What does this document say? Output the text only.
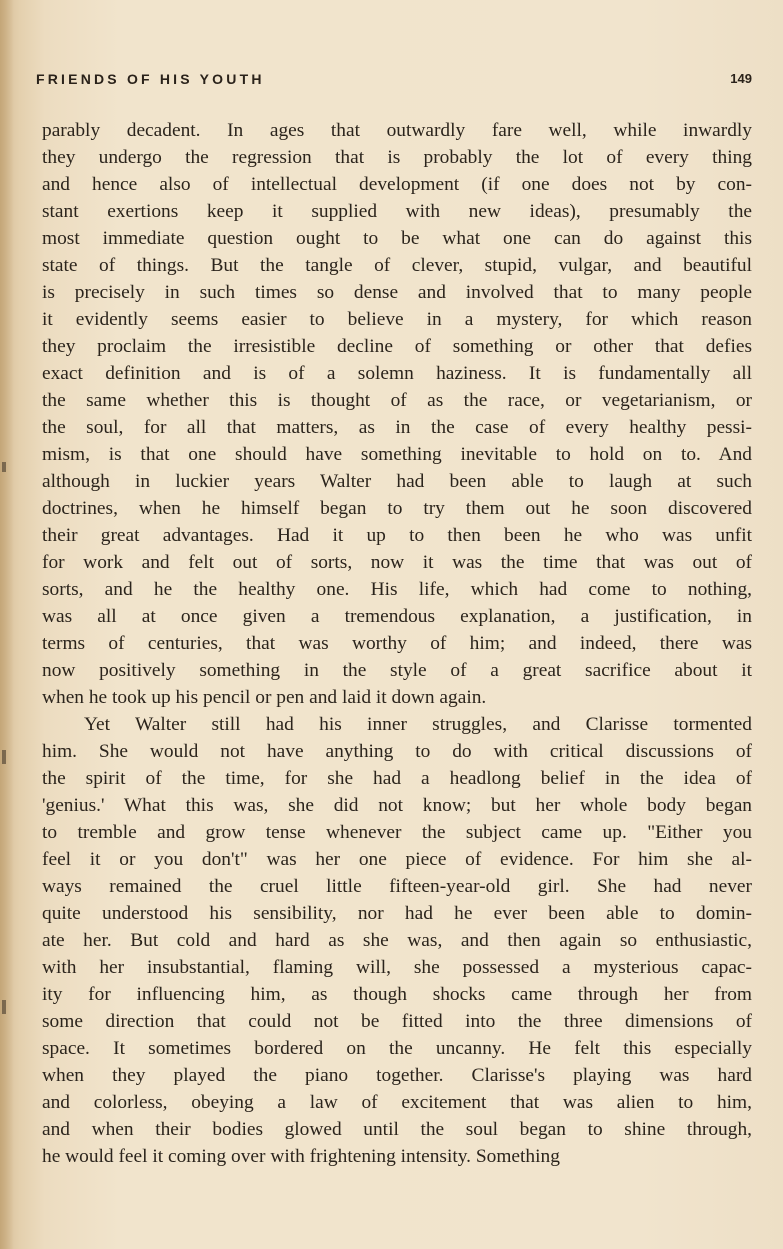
FRIENDS OF HIS YOUTH	149
parably decadent. In ages that outwardly fare well, while inwardly
they undergo the regression that is probably the lot of every thing
and hence also of intellectual development (if one does not by con-
stant exertions keep it supplied with new ideas), presumably the
most immediate question ought to be what one can do against this
state of things. But the tangle of clever, stupid, vulgar, and beautiful
is precisely in such times so dense and involved that to many people
it evidently seems easier to believe in a mystery, for which reason
they proclaim the irresistible decline of something or other that defies
exact definition and is of a solemn haziness. It is fundamentally all
the same whether this is thought of as the race, or vegetarianism, or
the soul, for all that matters, as in the case of every healthy pessi-
mism, is that one should have something inevitable to hold on to. And
although in luckier years Walter had been able to laugh at such
doctrines, when he himself began to try them out he soon discovered
their great advantages. Had it up to then been he who was unfit
for work and felt out of sorts, now it was the time that was out of
sorts, and he the healthy one. His life, which had come to nothing,
was all at once given a tremendous explanation, a justification, in
terms of centuries, that was worthy of him; and indeed, there was
now positively something in the style of a great sacrifice about it
when he took up his pencil or pen and laid it down again.
Yet Walter still had his inner struggles, and Clarisse tormented
him. She would not have anything to do with critical discussions of
the spirit of the time, for she had a headlong belief in the idea of
'genius.' What this was, she did not know; but her whole body began
to tremble and grow tense whenever the subject came up. "Either you
feel it or you don't" was her one piece of evidence. For him she al-
ways remained the cruel little fifteen-year-old girl. She had never
quite understood his sensibility, nor had he ever been able to domin-
ate her. But cold and hard as she was, and then again so enthusiastic,
with her insubstantial, flaming will, she possessed a mysterious capac-
ity for influencing him, as though shocks came through her from
some direction that could not be fitted into the three dimensions of
space. It sometimes bordered on the uncanny. He felt this especially
when they played the piano together. Clarisse's playing was hard
and colorless, obeying a law of excitement that was alien to him,
and when their bodies glowed until the soul began to shine through,
he would feel it coming over with frightening intensity. Something
